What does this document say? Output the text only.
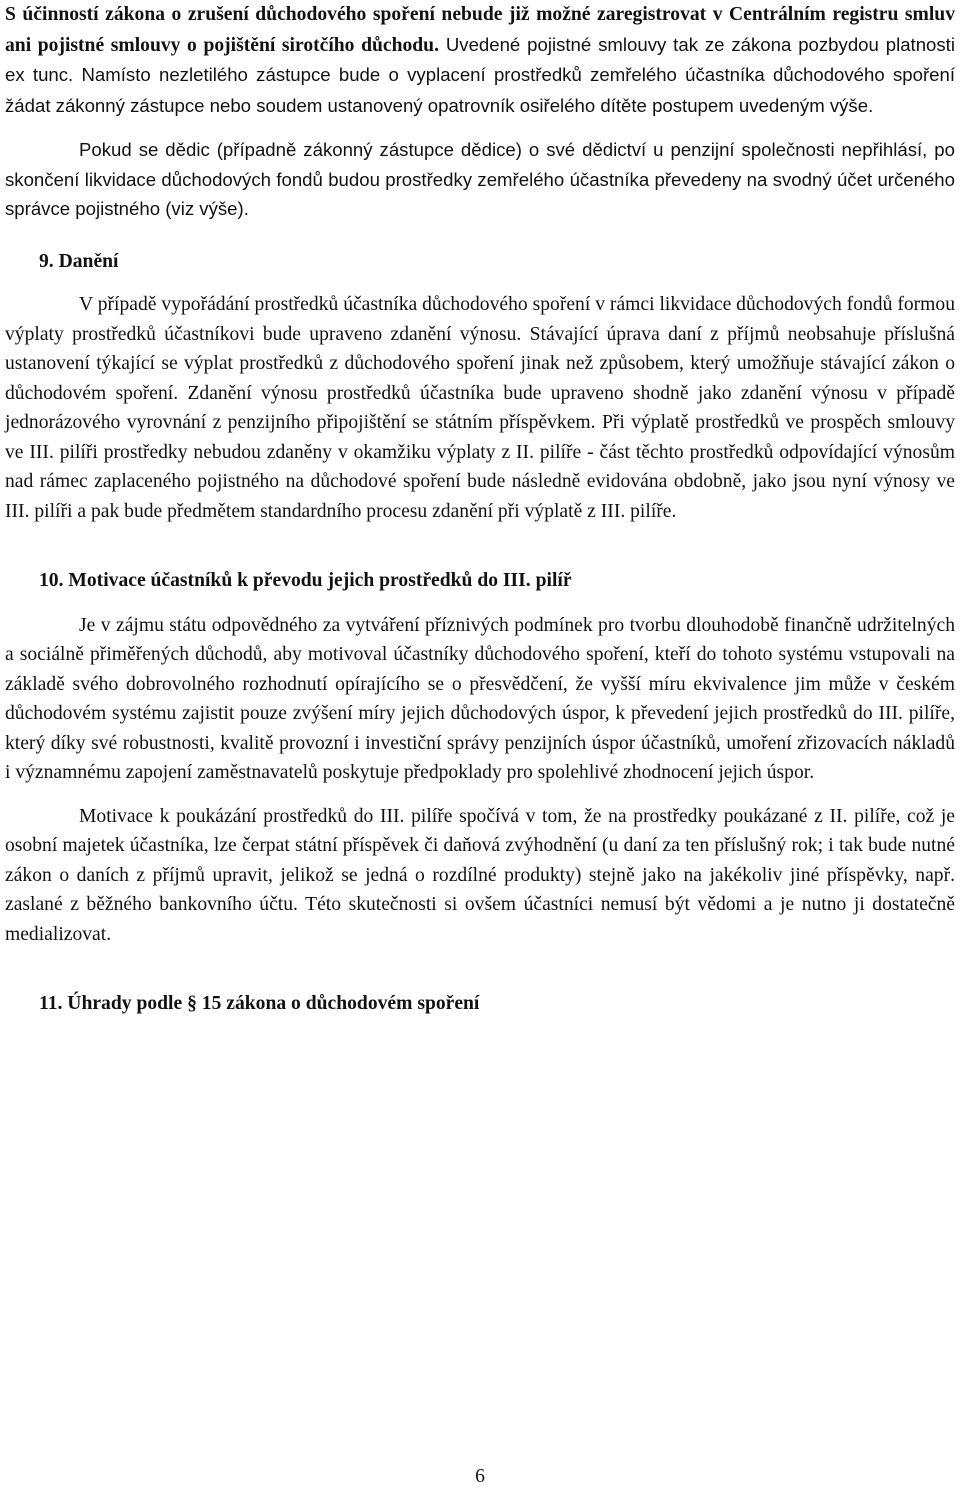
S účinností zákona o zrušení důchodového spoření nebude již možné zaregistrovat v Centrálním registru smluv ani pojistné smlouvy o pojištění sirotčího důchodu. Uvedené pojistné smlouvy tak ze zákona pozbydou platnosti ex tunc. Namísto nezletilého zástupce bude o vyplacení prostředků zemřelého účastníka důchodového spoření žádat zákonný zástupce nebo soudem ustanovený opatrovník osiřelého dítěte postupem uvedeným výše.

Pokud se dědic (případně zákonný zástupce dědice) o své dědictví u penzijní společnosti nepřihlásí, po skončení likvidace důchodových fondů budou prostředky zemřelého účastníka převedeny na svodný účet určeného správce pojistného (viz výše).

9. Danění

V případě vypořádání prostředků účastníka důchodového spoření v rámci likvidace důchodových fondů formou výplaty prostředků účastníkovi bude upraveno zdanění výnosu. Stávající úprava daní z příjmů neobsahuje příslušná ustanovení týkající se výplat prostředků z důchodového spoření jinak než způsobem, který umožňuje stávající zákon o důchodovém spoření. Zdanění výnosu prostředků účastníka bude upraveno shodně jako zdanění výnosu v případě jednorázového vyrovnání z penzijního připojištění se státním příspěvkem. Při výplatě prostředků ve prospěch smlouvy ve III. pilíři prostředky nebudou zdaněny v okamžiku výplaty z II. pilíře - část těchto prostředků odpovídající výnosům nad rámec zaplaceného pojistného na důchodové spoření bude následně evidována obdobně, jako jsou nyní výnosy ve III. pilíři a pak bude předmětem standardního procesu zdanění při výplatě z III. pilíře.

10. Motivace účastníků k převodu jejich prostředků do III. pilíř

Je v zájmu státu odpovědného za vytváření příznivých podmínek pro tvorbu dlouhodobě finančně udržitelných a sociálně přiměřených důchodů, aby motivoval účastníky důchodového spoření, kteří do tohoto systému vstupovali na základě svého dobrovolného rozhodnutí opírajícího se o přesvědčení, že vyšší míru ekvivalence jim může v českém důchodovém systému zajistit pouze zvýšení míry jejich důchodových úspor, k převedení jejich prostředků do III. pilíře, který díky své robustnosti, kvalitě provozní i investiční správy penzijních úspor účastníků, umoření zřizovacích nákladů i významnému zapojení zaměstnavatelů poskytuje předpoklady pro spolehlivé zhodnocení jejich úspor.

Motivace k poukázání prostředků do III. pilíře spočívá v tom, že na prostředky poukázané z II. pilíře, což je osobní majetek účastníka, lze čerpat státní příspěvek či daňová zvýhodnění (u daní za ten příslušný rok; i tak bude nutné zákon o daních z příjmů upravit, jelikož se jedná o rozdílné produkty) stejně jako na jakékoliv jiné příspěvky, např. zaslané z běžného bankovního účtu. Této skutečnosti si ovšem účastníci nemusí být vědomi a je nutno ji dostatečně medializovat.

11. Úhrady podle § 15 zákona o důchodovém spoření

6
